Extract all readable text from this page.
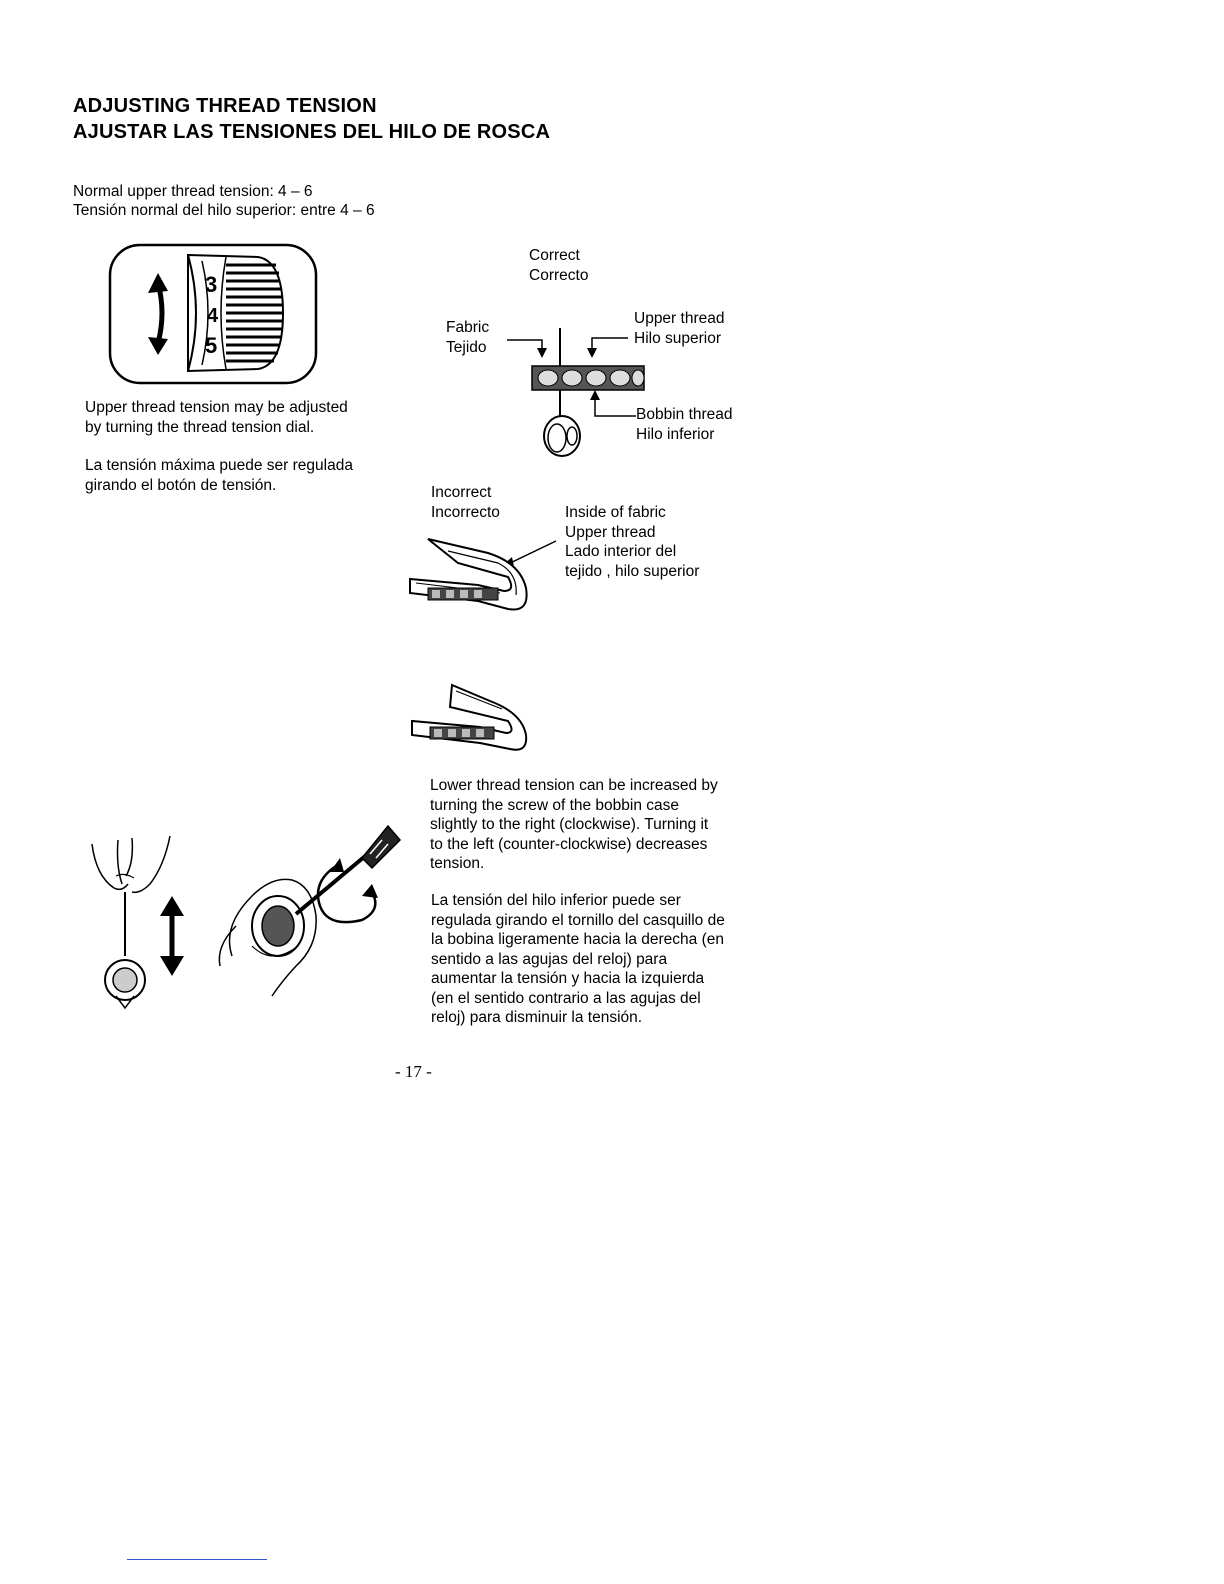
ADJUSTING THREAD TENSION
AJUSTAR LAS TENSIONES DEL HILO DE ROSCA
Normal upper thread tension: 4 – 6
Tensión normal del hilo superior: entre 4 – 6
3
4
5
Upper thread tension may be adjusted
by turning the thread tension dial.
La tensión máxima puede ser regulada
girando el botón de tensión.
Correct
Correcto
Fabric
Tejido
Upper thread
Hilo superior
Bobbin thread
Hilo inferior
Incorrect
Incorrecto	Inside of fabric
Upper thread
Lado interior del
tejido , hilo superior
Lower thread tension can be increased by
turning the screw of the bobbin case
slightly to the right (clockwise). Turning it
to the left (counter-clockwise) decreases
tension.
La tensión del hilo inferior puede ser
regulada girando el tornillo del casquillo de
la bobina ligeramente hacia la derecha (en
sentido a las agujas del reloj) para
aumentar la tensión y hacia la izquierda
(en el sentido contrario a las agujas del
reloj) para disminuir la tensión.
- 17 -
